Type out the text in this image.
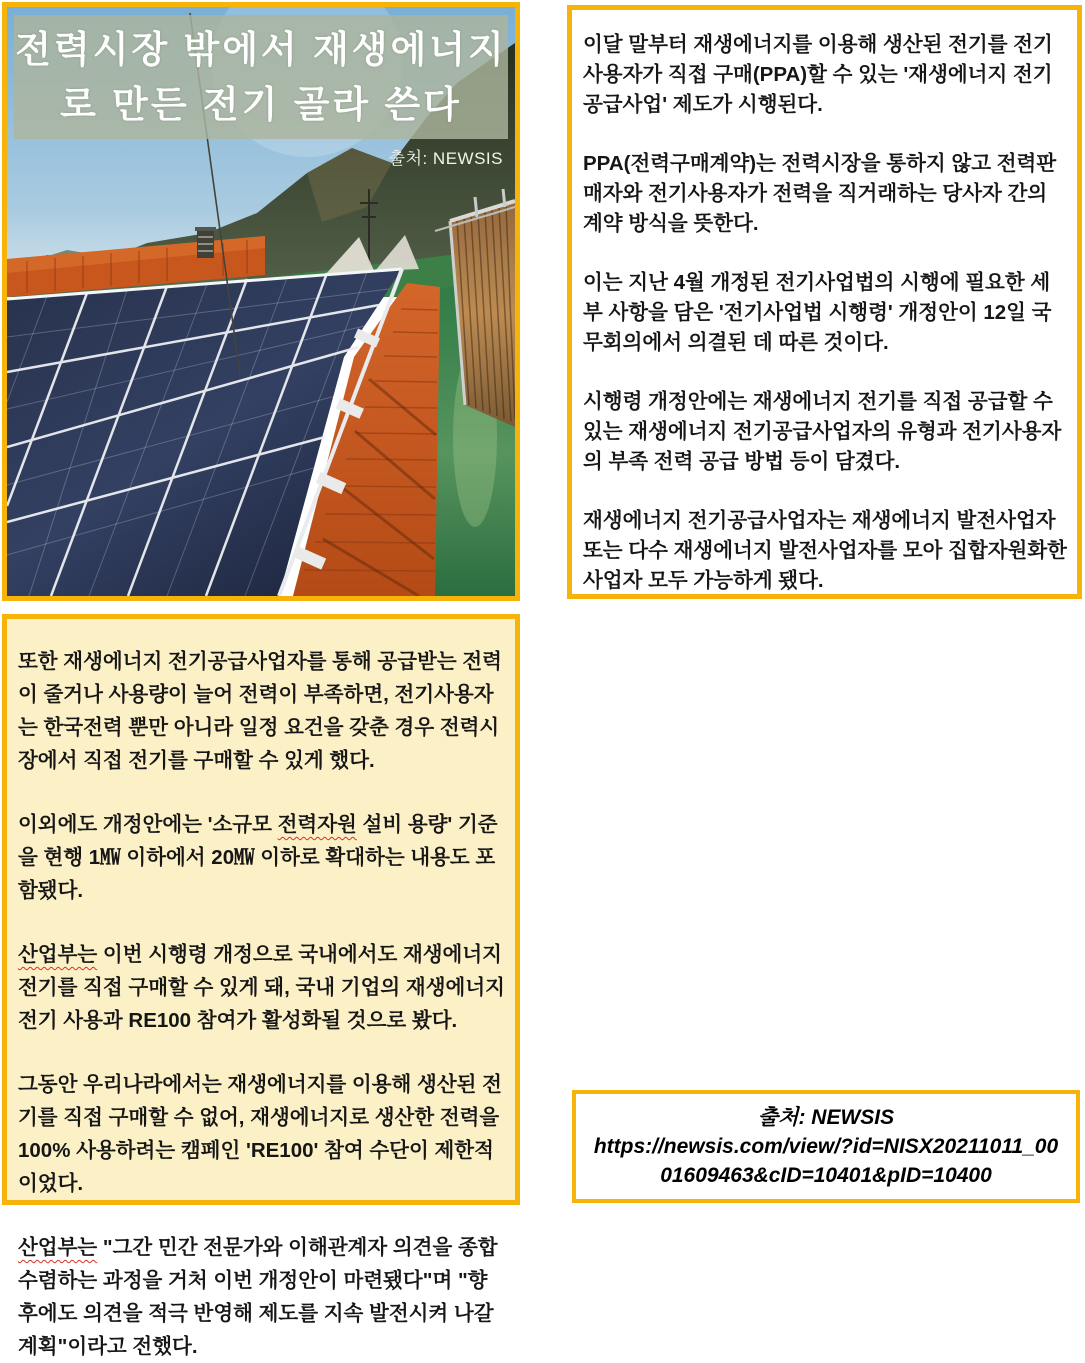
전력시장 밖에서 재생에너지
로 만든 전기 골라 쓴다
출처: NEWSIS

이달 말부터 재생에너지를 이용해 생산된 전기를 전기사용자가 직접 구매(PPA)할 수 있는 '재생에너지 전기공급사업' 제도가 시행된다.

PPA(전력구매계약)는 전력시장을 통하지 않고 전력판매자와 전기사용자가 전력을 직거래하는 당사자 간의 계약 방식을 뜻한다.

이는 지난 4월 개정된 전기사업법의 시행에 필요한 세부 사항을 담은 '전기사업법 시행령' 개정안이 12일 국무회의에서 의결된 데 따른 것이다.

시행령 개정안에는 재생에너지 전기를 직접 공급할 수 있는 재생에너지 전기공급사업자의 유형과 전기사용자의 부족 전력 공급 방법 등이 담겼다.

재생에너지 전기공급사업자는 재생에너지 발전사업자 또는 다수 재생에너지 발전사업자를 모아 집합자원화한 사업자 모두 가능하게 됐다.

또한 재생에너지 전기공급사업자를 통해 공급받는 전력이 줄거나 사용량이 늘어 전력이 부족하면, 전기사용자는 한국전력 뿐만 아니라 일정 요건을 갖춘 경우 전력시장에서 직접 전기를 구매할 수 있게 했다.

이외에도 개정안에는 '소규모 전력자원 설비 용량' 기준을 현행 1㎿ 이하에서 20㎿ 이하로 확대하는 내용도 포함됐다.

산업부는 이번 시행령 개정으로 국내에서도 재생에너지 전기를 직접 구매할 수 있게 돼, 국내 기업의 재생에너지 전기 사용과 RE100 참여가 활성화될 것으로 봤다.

그동안 우리나라에서는 재생에너지를 이용해 생산된 전기를 직접 구매할 수 없어, 재생에너지로 생산한 전력을 100% 사용하려는 캠페인 'RE100' 참여 수단이 제한적이었다.

산업부는 "그간 민간 전문가와 이해관계자 의견을 종합 수렴하는 과정을 거처 이번 개정안이 마련됐다"며 "향후에도 의견을 적극 반영해 제도를 지속 발전시켜 나갈 계획"이라고 전했다.

출처: NEWSIS
https://newsis.com/view/?id=NISX20211011_0001609463&cID=10401&pID=10400
